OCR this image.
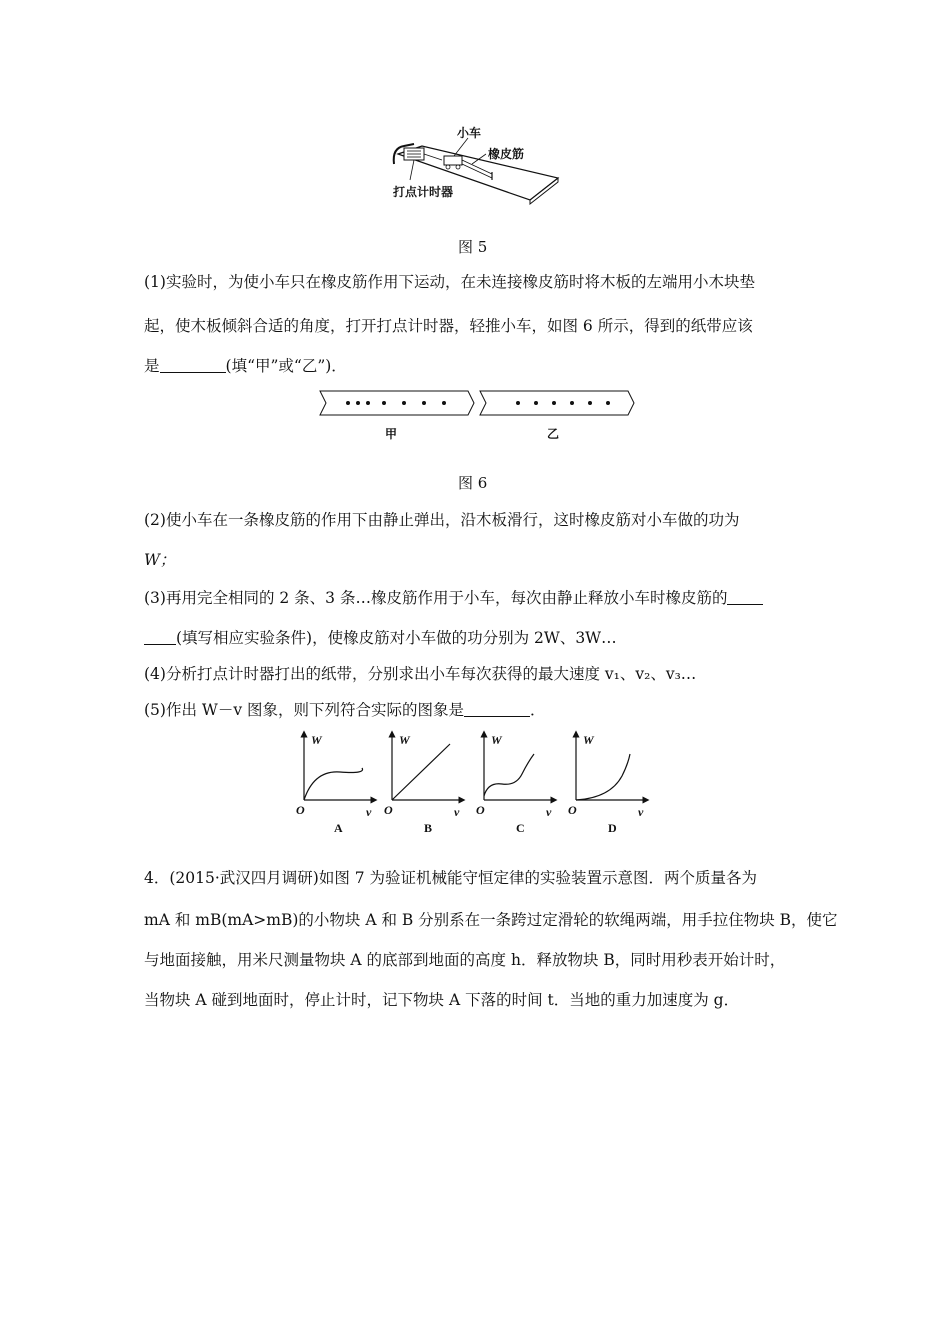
小车
橡皮筋
打点计时器
图 5
(1)实验时，为使小车只在橡皮筋作用下运动，在未连接橡皮筋时将木板的左端用小木块垫
起，使木板倾斜合适的角度，打开打点计时器，轻推小车，如图 6 所示，得到的纸带应该
是	(填“甲”或“乙”)．
甲	乙
图 6
(2)使小车在一条橡皮筋的作用下由静止弹出，沿木板滑行，这时橡皮筋对小车做的功为
W；
(3)再用完全相同的 2 条、3 条…橡皮筋作用于小车，每次由静止释放小车时橡皮筋的
(填写相应实验条件)，使橡皮筋对小车做的功分别为 2W、3W…
(4)分析打点计时器打出的纸带，分别求出小车每次获得的最大速度 v₁、v₂、v₃…
(5)作出 W－v 图象，则下列符合实际的图象是	．
W	W	W	W
O	O	O	O
v	v	v	v
A	B	C	D
4．(2015·武汉四月调研)如图 7 为验证机械能守恒定律的实验装置示意图．两个质量各为
mA 和 mB(mA>mB)的小物块 A 和 B 分别系在一条跨过定滑轮的软绳两端，用手拉住物块 B，使它
与地面接触，用米尺测量物块 A 的底部到地面的高度 h．释放物块 B，同时用秒表开始计时，
当物块 A 碰到地面时，停止计时，记下物块 A 下落的时间 t．当地的重力加速度为 g．
